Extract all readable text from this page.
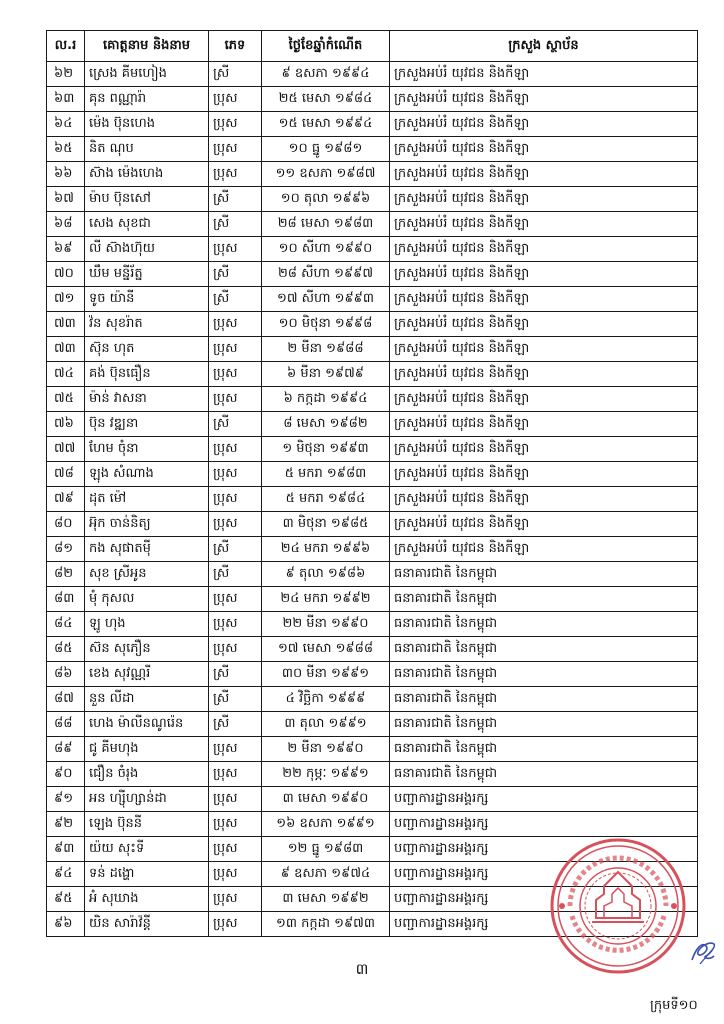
ល.រ	គោត្តនាម និងនាម	ភេទ	ថ្ងៃខែឆ្នាំកំណើត	ក្រសួង ស្ថាប័ន
៦២	ស្រេង គីមហៀង	ស្រី	៩ ឧសភា ១៩៩៤	ក្រសួងអប់រំ យុវជន និងកីឡា
៦៣	គុន ពណ្ណារ៉ា	ប្រុស	២៥ មេសា ១៩៨៤	ក្រសួងអប់រំ យុវជន និងកីឡា
៦៤	ម៉េង ប៊ុនហេង	ប្រុស	១៥ មេសា ១៩៩៤	ក្រសួងអប់រំ យុវជន និងកីឡា
៦៥	និត ណុប	ប្រុស	១០ ធ្នូ ១៩៨១	ក្រសួងអប់រំ យុវជន និងកីឡា
៦៦	ស៊ាង ម៉េងហេង	ប្រុស	១១ ឧសភា ១៩៨៧	ក្រសួងអប់រំ យុវជន និងកីឡា
៦៧	ម៉ាប ប៊ុនសៅ	ស្រី	១០ តុលា ១៩៩៦	ក្រសួងអប់រំ យុវជន និងកីឡា
៦៨	សេង សុខជា	ស្រី	២៨ មេសា ១៩៨៣	ក្រសួងអប់រំ យុវជន និងកីឡា
៦៩	លី ស៊ាងហ៊ុយ	ប្រុស	១០ សីហា ១៩៩០	ក្រសួងអប់រំ យុវជន និងកីឡា
៧០	ឃឹម មន្នីរ័ត្ន	ស្រី	២៨ សីហា ១៩៩៧	ក្រសួងអប់រំ យុវជន និងកីឡា
៧១	ទូច យ៉ានី	ស្រី	១៧ សីហា ១៩៩៣	ក្រសួងអប់រំ យុវជន និងកីឡា
៧៣	វ៉ន សុខរ៉ាត	ប្រុស	១០ មិថុនា ១៩៩៨	ក្រសួងអប់រំ យុវជន និងកីឡា
៧៣	ស៊ុន ហុត	ប្រុស	២ មីនា ១៩៨៨	ក្រសួងអប់រំ យុវជន និងកីឡា
៧៤	គង់ ប៊ុនធឿន	ប្រុស	៦ មីនា ១៩៧៩	ក្រសួងអប់រំ យុវជន និងកីឡា
៧៥	ម៉ាន់ វាសនា	ប្រុស	៦ កក្កដា ១៩៩៤	ក្រសួងអប់រំ យុវជន និងកីឡា
៧៦	ប៊ុន វឌ្ឍនា	ស្រី	៨ មេសា ១៩៨២	ក្រសួងអប់រំ យុវជន និងកីឡា
៧៧	ហែម ចុំនា	ប្រុស	១ មិថុនា ១៩៩៣	ក្រសួងអប់រំ យុវជន និងកីឡា
៧៨	ឡុង សំណាង	ប្រុស	៥ មករា ១៩៨៣	ក្រសួងអប់រំ យុវជន និងកីឡា
៧៩	ដុត ម៉ៅ	ប្រុស	៥ មករា ១៩៨៤	ក្រសួងអប់រំ យុវជន និងកីឡា
៨០	អ៊ុក ចាន់និត្យ	ប្រុស	៣ មិថុនា ១៩៨៥	ក្រសួងអប់រំ យុវជន និងកីឡា
៨១	កង សុផាតម៉ី	ស្រី	២៤ មករា ១៩៩៦	ក្រសួងអប់រំ យុវជន និងកីឡា
៨២	សុខ ស្រីអូន	ស្រី	៩ តុលា ១៩៨៦	ធនាគារជាតិ នៃកម្ពុជា
៨៣	មុំ កុសល	ប្រុស	២៤ មករា ១៩៩២	ធនាគារជាតិ នៃកម្ពុជា
៨៤	ឡូ ហុង	ប្រុស	២២ មីនា ១៩៩០	ធនាគារជាតិ នៃកម្ពុជា
៨៥	ស៊ន សុភឿន	ប្រុស	១៧ មេសា ១៩៨៨	ធនាគារជាតិ នៃកម្ពុជា
៨៦	ខេង សុវណ្ណរី	ស្រី	៣០ មីនា ១៩៩១	ធនាគារជាតិ នៃកម្ពុជា
៨៧	នួន លីដា	ស្រី	៤ វិច្ឆិកា ១៩៩៩	ធនាគារជាតិ នៃកម្ពុជា
៨៨	ហេង ម៉ាលីនណូរ៉េន	ស្រី	៣ តុលា ១៩៩១	ធនាគារជាតិ នៃកម្ពុជា
៨៩	ជូ គីមហុង	ប្រុស	២ មីនា ១៩៩០	ធនាគារជាតិ នៃកម្ពុជា
៩០	ជឿន ចំរុង	ប្រុស	២២ កុម្ភៈ ១៩៩១	ធនាគារជាតិ នៃកម្ពុជា
៩១	អន ហ្ស៊ីហ្សាន់ដា	ប្រុស	៣ មេសា ១៩៩០	បញ្ជាការដ្ឋានអង្គរក្ស
៩២	ឡេង ប៊ុននី	ប្រុស	១៦ ឧសភា ១៩៩១	បញ្ជាការដ្ឋានអង្គរក្ស
៩៣	យ៉យ សុះទី	ប្រុស	១២ ធ្នូ ១៩៨៣	បញ្ជាការដ្ឋានអង្គរក្ស
៩៤	ទន់ ដង្ហោ	ប្រុស	៩ ឧសភា ១៩៧៤	បញ្ជាការដ្ឋានអង្គរក្ស
៩៥	អំ សុឃាង	ប្រុស	៣ មេសា ១៩៩២	បញ្ជាការដ្ឋានអង្គរក្ស
៩៦	យិន សារ៉ាវ៉ន្តី	ប្រុស	១៣ កក្កដា ១៩៧៣	បញ្ជាការដ្ឋានអង្គរក្ស
៣
ក្រុមទី១០
